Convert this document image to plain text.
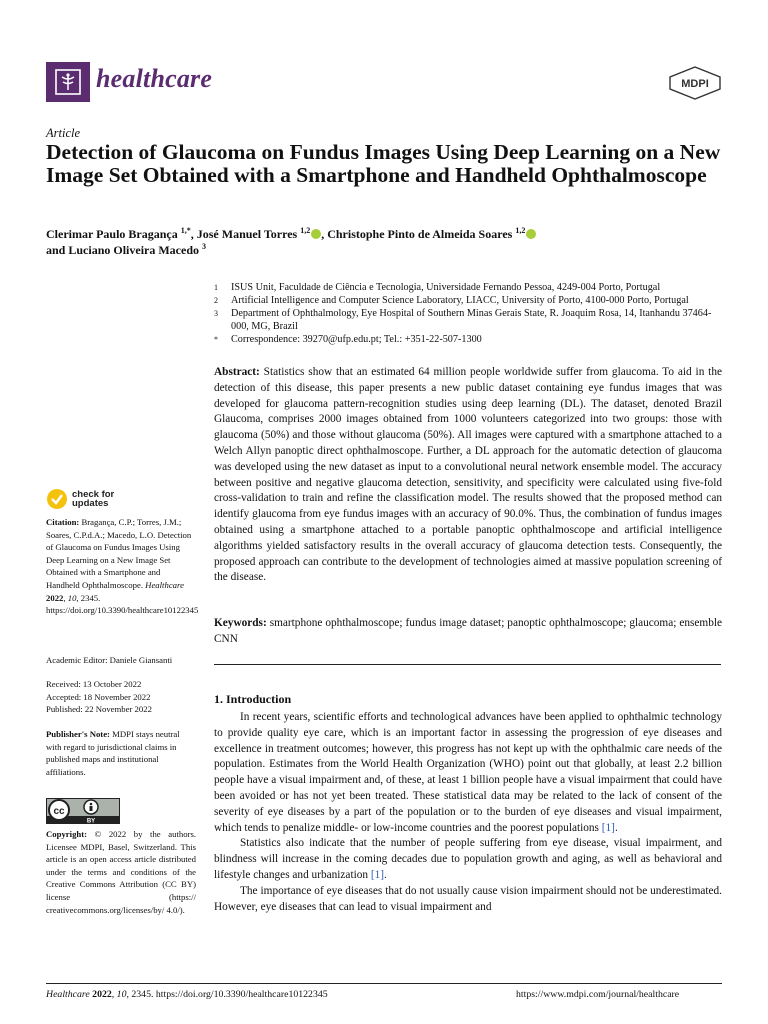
healthcare	MDPI
Article
Detection of Glaucoma on Fundus Images Using Deep Learning on a New Image Set Obtained with a Smartphone and Handheld Ophthalmoscope
Clerimar Paulo Bragança $^{1,*}$, José Manuel Torres $^{1,2}$ , Christophe Pinto de Almeida Soares $^{1,2}$
and Luciano Oliveira Macedo $^3$
1	ISUS Unit, Faculdade de Ciência e Tecnologia, Universidade Fernando Pessoa, 4249-004 Porto, Portugal
2	Artificial Intelligence and Computer Science Laboratory, LIACC, University of Porto, 4100-000 Porto, Portugal
3	Department of Ophthalmology, Eye Hospital of Southern Minas Gerais State, R. Joaquim Rosa, 14, Itanhandu 37464-000, MG, Brazil
*	Correspondence: 39270@ufp.edu.pt; Tel.: +351-22-507-1300
Abstract: Statistics show that an estimated 64 million people worldwide suffer from glaucoma. To aid in the detection of this disease, this paper presents a new public dataset containing eye fundus images that was developed for glaucoma pattern-recognition studies using deep learning (DL). The dataset, denoted Brazil Glaucoma, comprises 2000 images obtained from 1000 volunteers categorized into two groups: those with glaucoma (50%) and those without glaucoma (50%). All images were captured with a smartphone attached to a Welch Allyn panoptic direct ophthalmoscope. Further, a DL approach for the automatic detection of glaucoma was developed using the new dataset as input to a convolutional neural network ensemble model. The accuracy between positive and negative glaucoma detection, sensitivity, and specificity were calculated using five-fold cross-validation to train and refine the classification model. The results showed that the proposed method can identify glaucoma from eye fundus images with an accuracy of 90.0%. Thus, the combination of fundus images obtained using a smartphone attached to a portable panoptic ophthalmoscope and artificial intelligence algorithms yielded satisfactory results in the overall accuracy of glaucoma detection tests. Consequently, the proposed approach can contribute to the development of technologies aimed at massive population screening of the disease.
Keywords: smartphone ophthalmoscope; fundus image dataset; panoptic ophthalmoscope; glaucoma; ensemble CNN
check for
updates
Citation: Bragança, C.P.; Torres, J.M.; Soares, C.P.d.A.; Macedo, L.O. Detection of Glaucoma on Fundus Images Using Deep Learning on a New Image Set Obtained with a Smartphone and Handheld Ophthalmoscope. Healthcare 2022, 10, 2345. https://doi.org/10.3390/healthcare10122345
Academic Editor: Daniele Giansanti
Received: 13 October 2022
Accepted: 18 November 2022
Published: 22 November 2022
Publisher's Note: MDPI stays neutral with regard to jurisdictional claims in published maps and institutional affiliations.
cc
BY
Copyright: © 2022 by the authors. Licensee MDPI, Basel, Switzerland. This article is an open access article distributed under the terms and conditions of the Creative Commons Attribution (CC BY) license (https:// creativecommons.org/licenses/by/ 4.0/).
1. Introduction

In recent years, scientific efforts and technological advances have been applied to ophthalmic technology to provide quality eye care, which is an important factor in assessing the progression of eye diseases and excellence in treatment outcomes; however, this progress has not kept up with the ophthalmic care needs of the population. Estimates from the World Health Organization (WHO) point out that globally, at least 2.2 billion people have a visual impairment and, of these, at least 1 billion people have a visual impairment that could have been avoided or has not yet been treated. These statistical data may be related to the lack of consent of the severity of eye diseases by a part of the population or to the burden of eye diseases and visual impairment, which tends to penalize middle- or low-income countries and the poorest populations [1].

Statistics also indicate that the number of people suffering from eye disease, visual impairment, and blindness will increase in the coming decades due to population growth and aging, as well as behavioral and lifestyle changes and urbanization [1].

The importance of eye diseases that do not usually cause vision impairment should not be underestimated. However, eye diseases that can lead to visual impairment and

Healthcare 2022, 10, 2345. https://doi.org/10.3390/healthcare10122345	https://www.mdpi.com/journal/healthcare
